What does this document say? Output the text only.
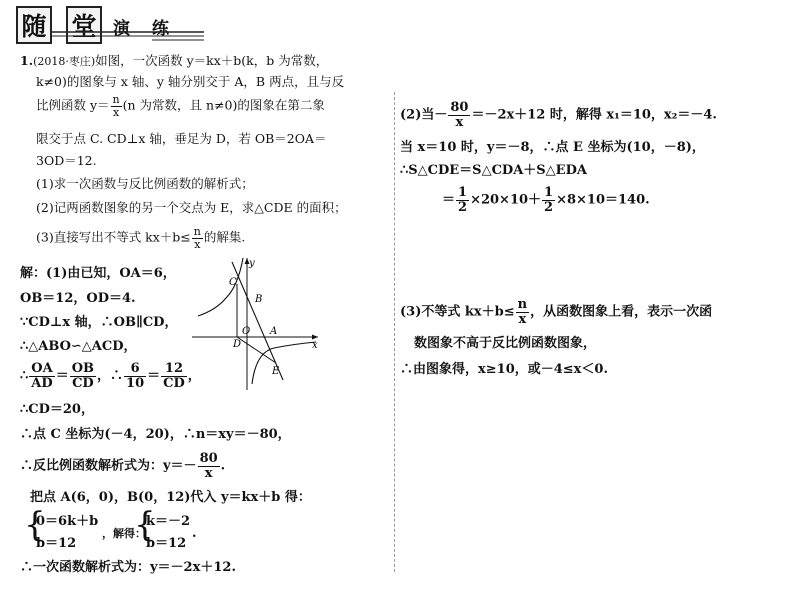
随 堂 演 练
1.(2018·枣庄)如图，一次函数 y＝kx＋b(k，b 为常数，
k≠0)的图象与 x 轴、y 轴分别交于 A，B 两点，且与反
比例函数 $y= \frac{n}{x} (n$ 为常数，且 n≠0)的图象在第二象
限交于点 C. CD⊥x 轴，垂足为 D，若 OB＝2OA＝
3OD＝12.
(1)求一次函数与反比例函数的解析式；
(2)记两函数图象的另一个交点为 E，求△CDE 的面积；
(3)直接写出不等式 $kx+b\le \frac{n}{x}$ 的解集.
解：(1)由已知，OA＝6，
OB＝12，OD＝4.
∵CD⊥x 轴，∴OB∥CD，
∴△ABO∽△ACD，
∴ $\frac{OA}{AD} = \frac{OB}{CD}$ ，∴ $\frac{6}{10} = \frac{12}{CD}$ ，
∴CD＝20，
∴点 C 坐标为(－4，20)，∴n＝xy＝－80，
∴反比例函数解析式为：$y=- \frac{80}{x}$ .
把点 A(6，0)，B(0，12)代入 y＝kx＋b 得：
{
0＝6k＋b
b＝12
，解得：
{
k＝－2
b＝12
.
∴一次函数解析式为：y＝－2x＋12.
y
x
C
B
O A
D
E
(2)当－ $\frac{80}{x} =-2x+12$ 时，解得 x₁＝10，x₂＝－4.
当 x＝10 时，y＝－8，∴点 E 坐标为(10，－8)，
∴S△CDE＝S△CDA＋S△EDA
＝ $\frac{1}{2} \times 20\times 10+ \frac{1}{2} \times 8\times 10=140$.
(3)不等式 $kx+b\le \frac{n}{x}$ ，从函数图象上看，表示一次函
数图象不高于反比例函数图象，
∴由图象得，x≥10，或－4≤x＜0.
